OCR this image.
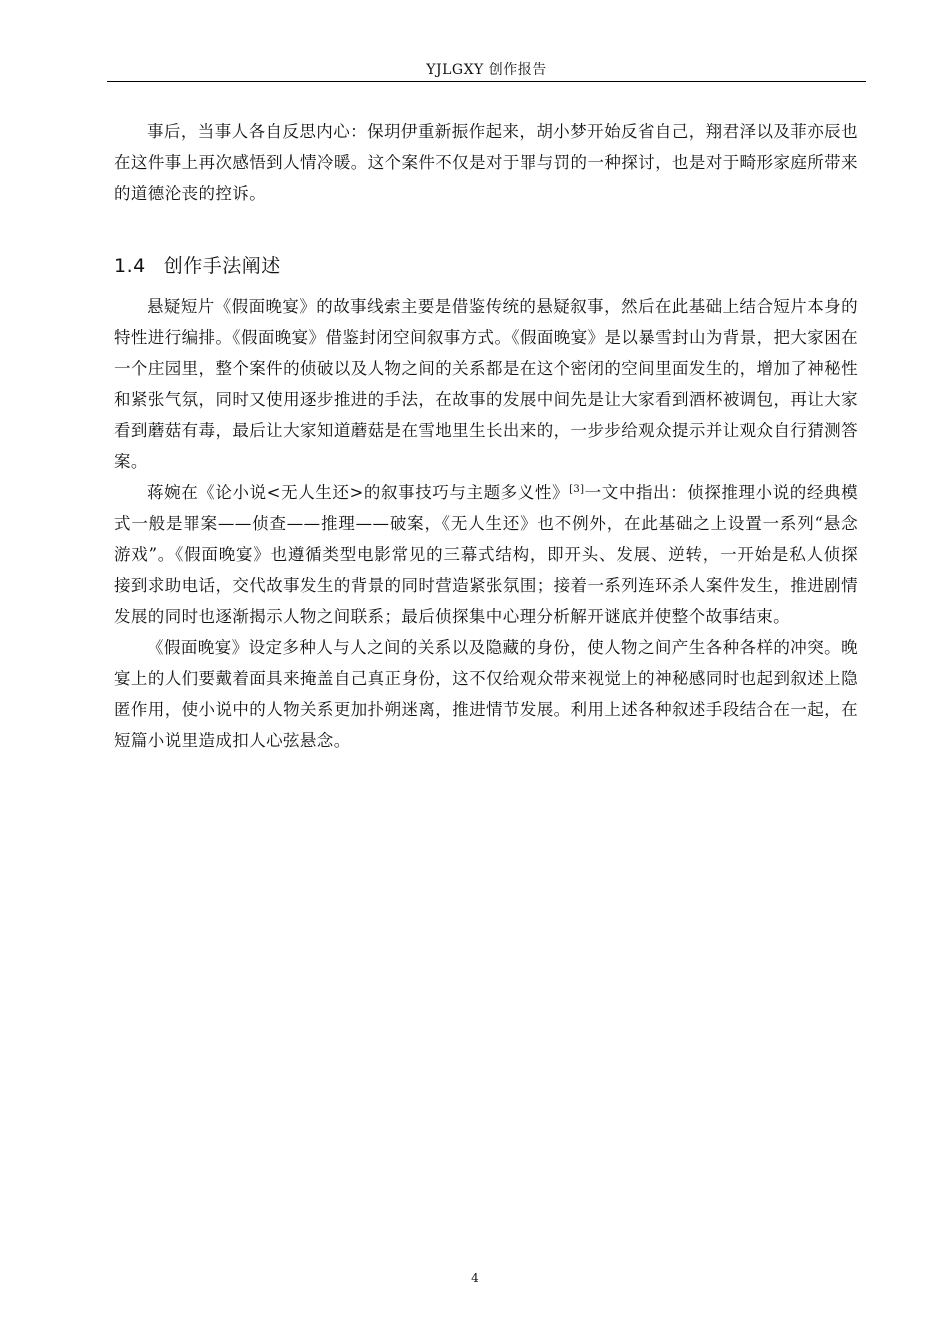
YJLGXY 创作报告

事后，当事人各自反思内心：保玥伊重新振作起来，胡小梦开始反省自己，翔君泽以及菲亦辰也在这件事上再次感悟到人情冷暖。这个案件不仅是对于罪与罚的一种探讨，也是对于畸形家庭所带来的道德沦丧的控诉。

1.4 创作手法阐述

悬疑短片《假面晚宴》的故事线索主要是借鉴传统的悬疑叙事，然后在此基础上结合短片本身的特性进行编排。《假面晚宴》借鉴封闭空间叙事方式。《假面晚宴》是以暴雪封山为背景，把大家困在一个庄园里，整个案件的侦破以及人物之间的关系都是在这个密闭的空间里面发生的，增加了神秘性和紧张气氛，同时又使用逐步推进的手法，在故事的发展中间先是让大家看到酒杯被调包，再让大家看到蘑菇有毒，最后让大家知道蘑菇是在雪地里生长出来的，一步步给观众提示并让观众自行猜测答案。

蒋婉在《论小说<无人生还>的叙事技巧与主题多义性》[3]一文中指出：侦探推理小说的经典模式一般是罪案——侦查——推理——破案，《无人生还》也不例外，在此基础之上设置一系列“悬念游戏”。《假面晚宴》也遵循类型电影常见的三幕式结构，即开头、发展、逆转，一开始是私人侦探接到求助电话，交代故事发生的背景的同时营造紧张氛围；接着一系列连环杀人案件发生，推进剧情发展的同时也逐渐揭示人物之间联系；最后侦探集中心理分析解开谜底并使整个故事结束。

《假面晚宴》设定多种人与人之间的关系以及隐藏的身份，使人物之间产生各种各样的冲突。晚宴上的人们要戴着面具来掩盖自己真正身份，这不仅给观众带来视觉上的神秘感同时也起到叙述上隐匿作用，使小说中的人物关系更加扑朔迷离，推进情节发展。利用上述各种叙述手段结合在一起，在短篇小说里造成扣人心弦悬念。

4
